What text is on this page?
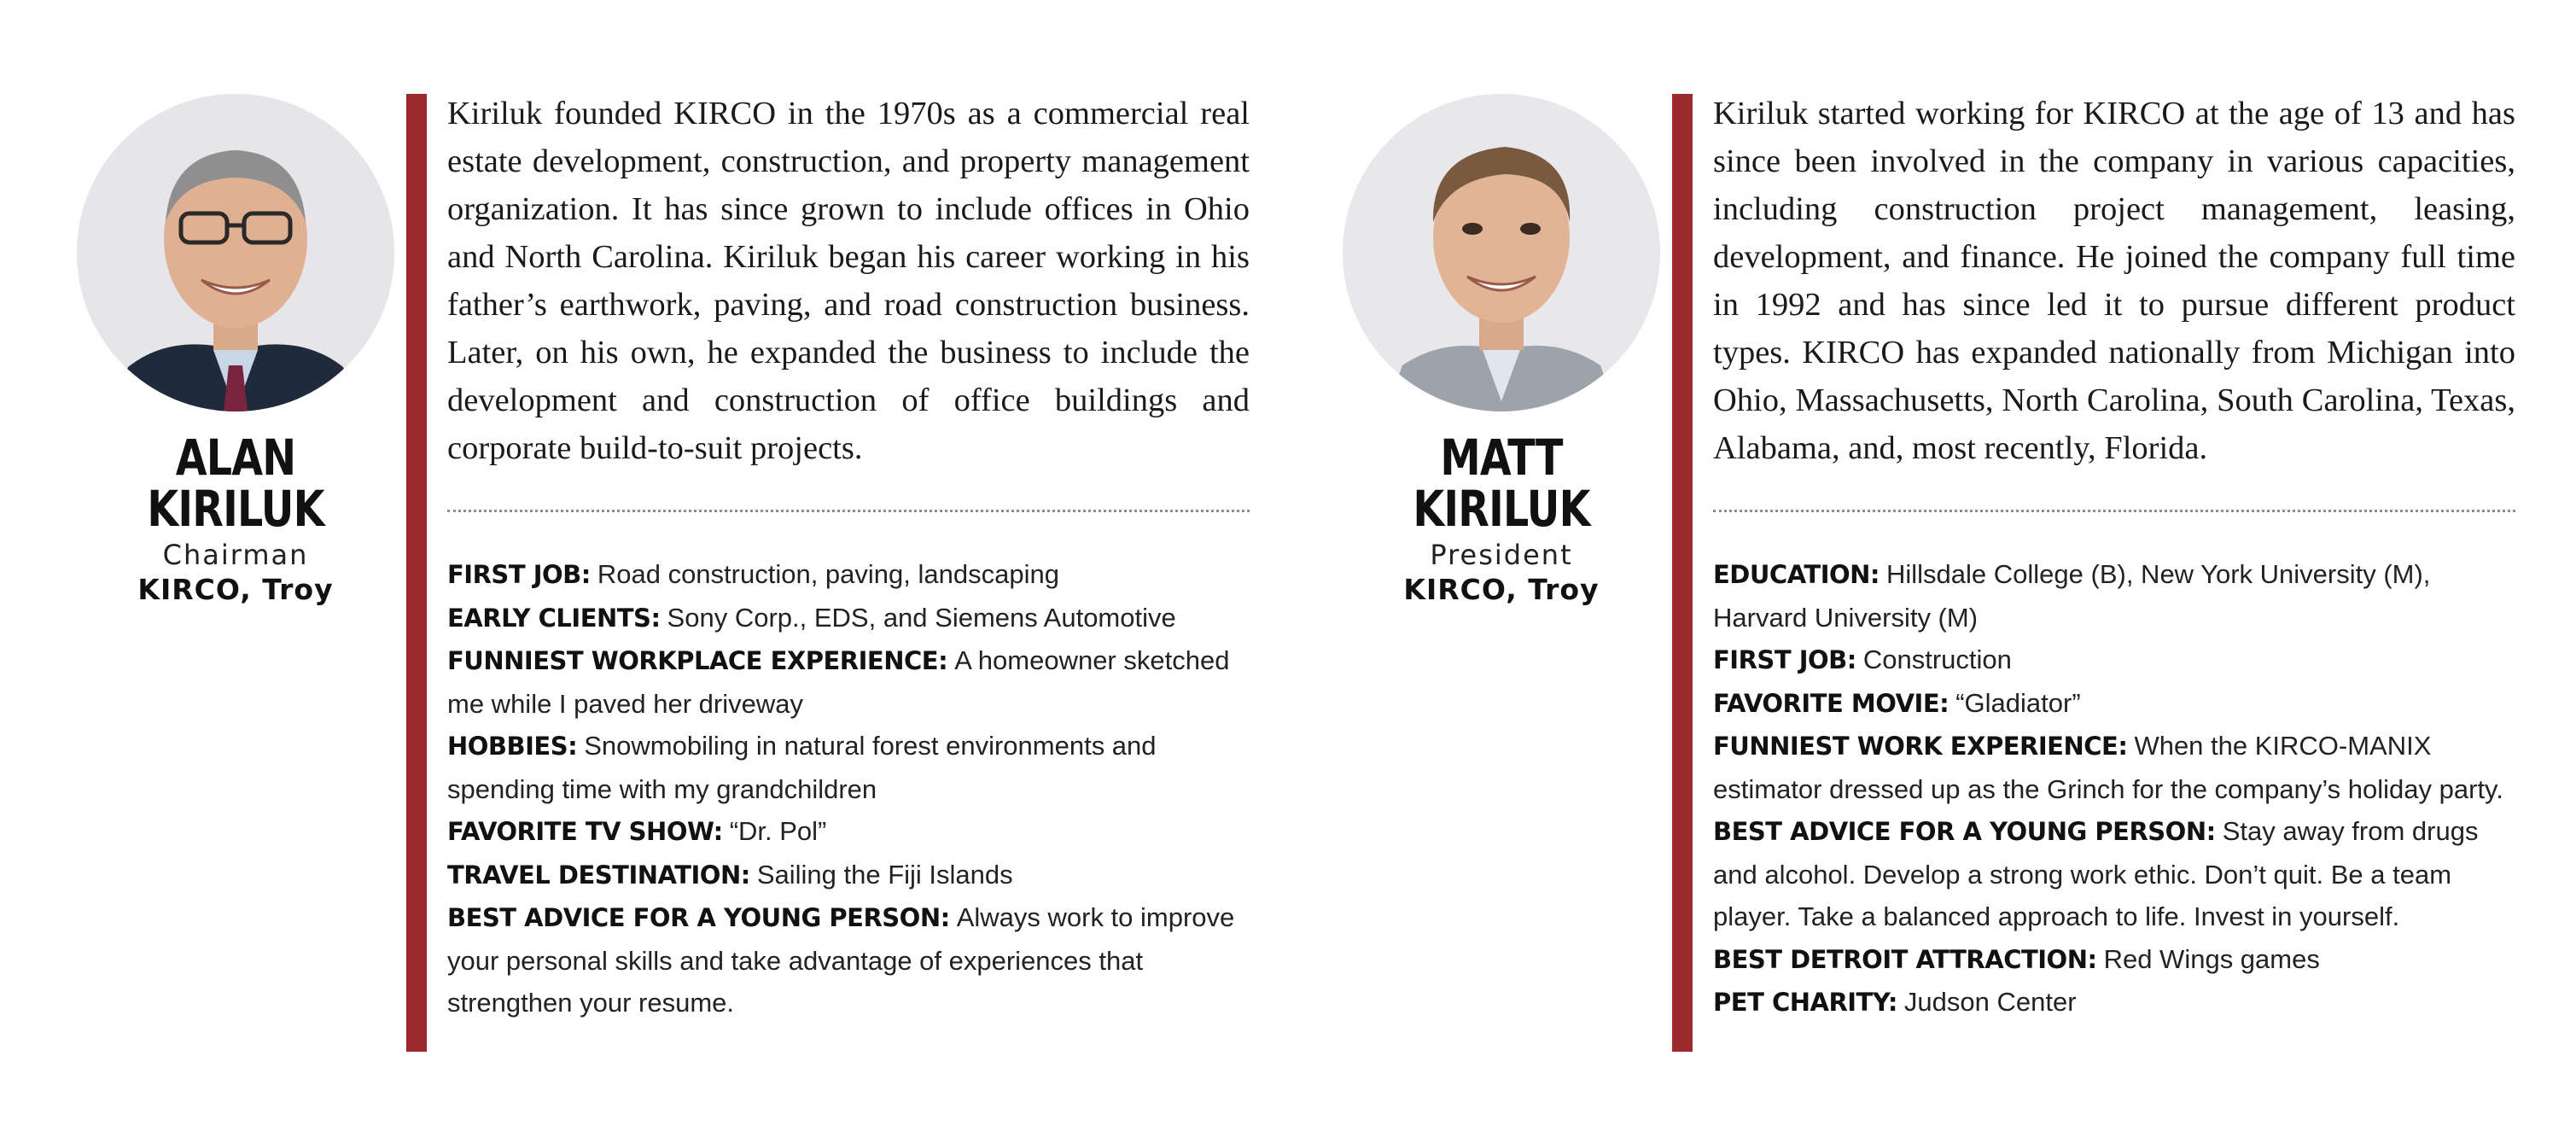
ALAN
KIRILUK
Chairman
KIRCO, Troy

Kiriluk founded KIRCO in the 1970s as a commercial real estate development, construction, and property management organization. It has since grown to include offices in Ohio and North Carolina. Kiriluk began his career working in his father’s earthwork, paving, and road construction business. Later, on his own, he expanded the business to include the development and construction of office buildings and corporate build-to-suit projects.

FIRST JOB: Road construction, paving, landscaping
EARLY CLIENTS: Sony Corp., EDS, and Siemens Automotive
FUNNIEST WORKPLACE EXPERIENCE: A homeowner sketched me while I paved her driveway
HOBBIES: Snowmobiling in natural forest environments and spending time with my grandchildren
FAVORITE TV SHOW: “Dr. Pol”
TRAVEL DESTINATION: Sailing the Fiji Islands
BEST ADVICE FOR A YOUNG PERSON: Always work to improve your personal skills and take advantage of experiences that strengthen your resume.
MATT
KIRILUK
President
KIRCO, Troy

Kiriluk started working for KIRCO at the age of 13 and has since been involved in the company in various capacities, including construction project management, leasing, development, and finance. He joined the company full time in 1992 and has since led it to pursue different product types. KIRCO has expanded nationally from Michigan into Ohio, Massachusetts, North Carolina, South Carolina, Texas, Alabama, and, most recently, Florida.

EDUCATION: Hillsdale College (B), New York University (M), Harvard University (M)
FIRST JOB: Construction
FAVORITE MOVIE: “Gladiator”
FUNNIEST WORK EXPERIENCE: When the KIRCO-MANIX estimator dressed up as the Grinch for the company’s holiday party.
BEST ADVICE FOR A YOUNG PERSON: Stay away from drugs and alcohol. Develop a strong work ethic. Don’t quit. Be a team player. Take a balanced approach to life. Invest in yourself.
BEST DETROIT ATTRACTION: Red Wings games
PET CHARITY: Judson Center
